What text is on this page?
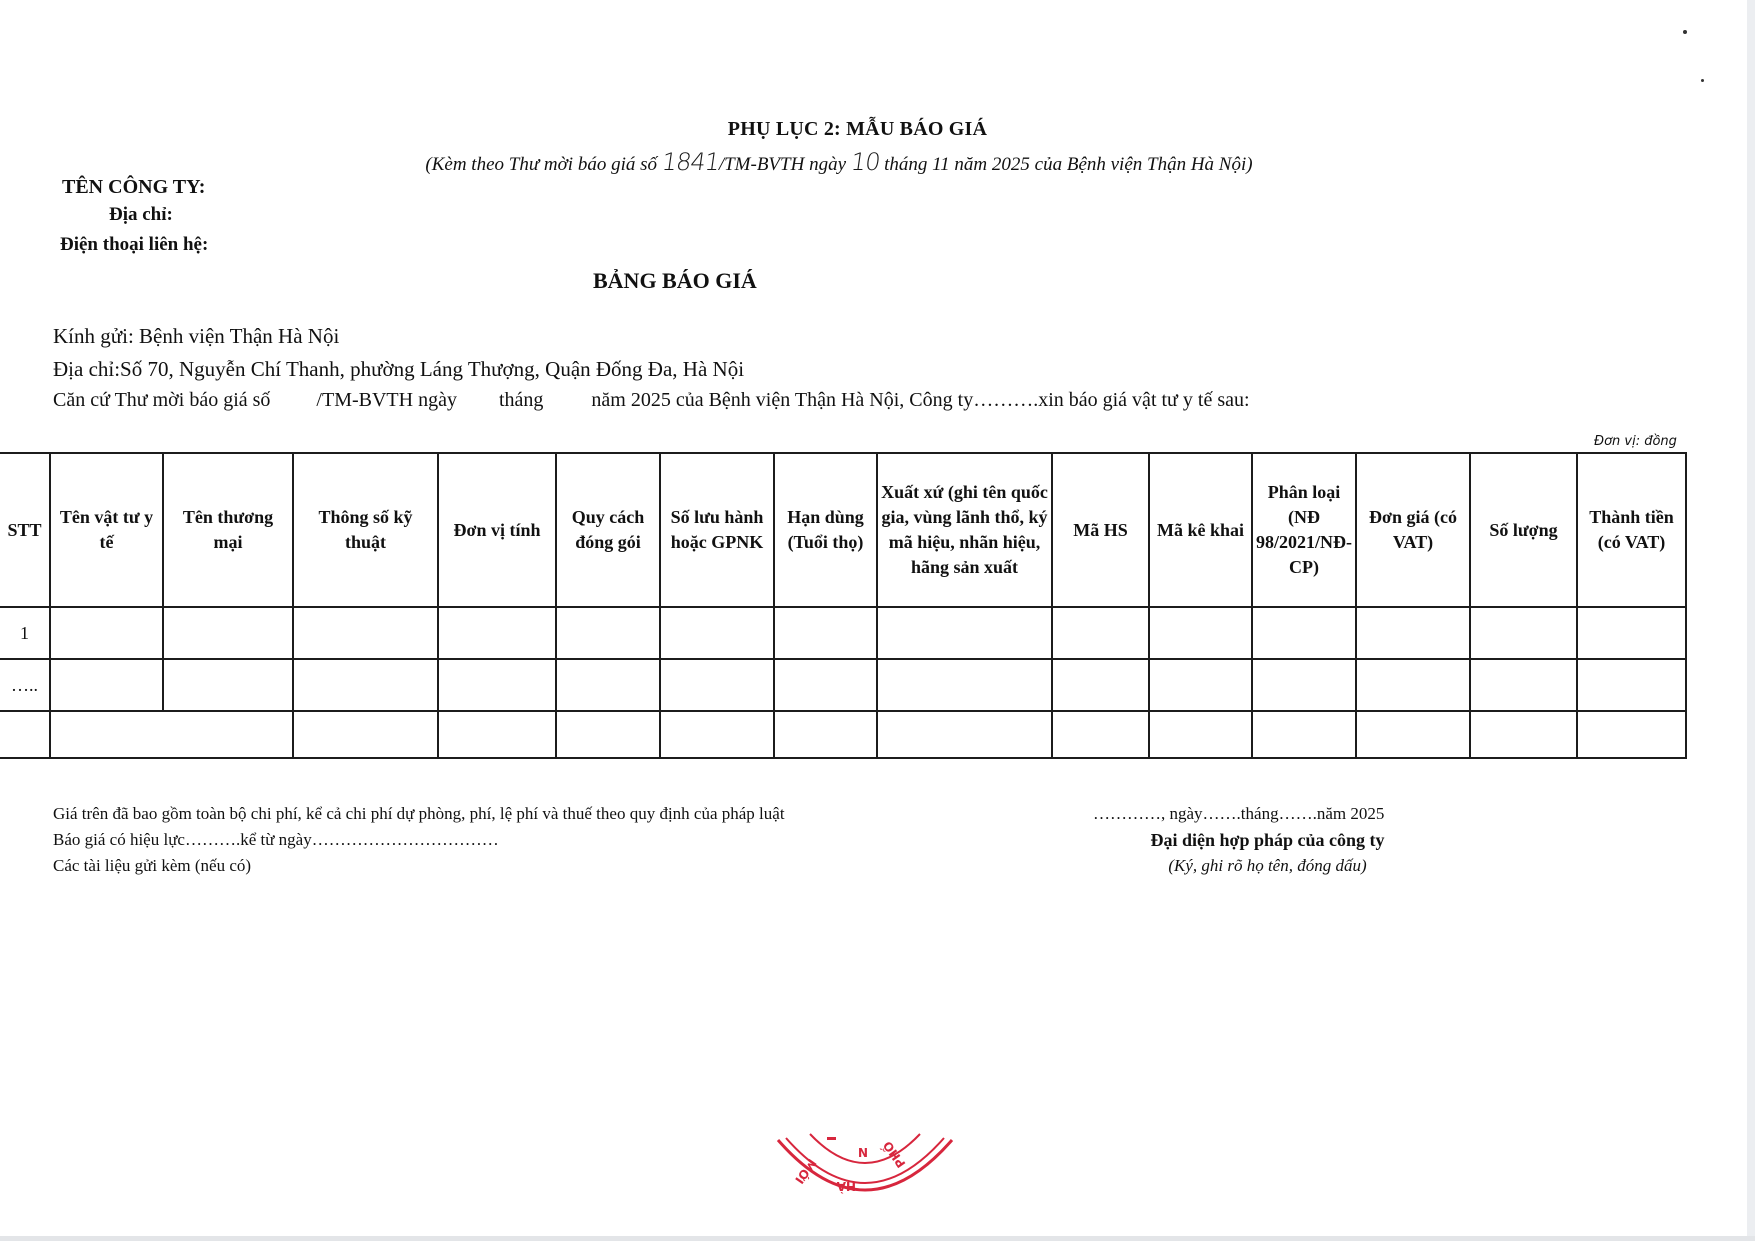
PHỤ LỤC 2: MẪU BÁO GIÁ
(Kèm theo Thư mời báo giá số 1841/TM-BVTH ngày 10 tháng 11 năm 2025 của Bệnh viện Thận Hà Nội)
TÊN CÔNG TY:
Địa chỉ:
Điện thoại liên hệ:
BẢNG BÁO GIÁ
Kính gửi: Bệnh viện Thận Hà Nội
Địa chỉ:Số 70, Nguyễn Chí Thanh, phường Láng Thượng, Quận Đống Đa, Hà Nội
Căn cứ Thư mời báo giá số /TM-BVTH ngày tháng năm 2025 của Bệnh viện Thận Hà Nội, Công ty……….xin báo giá vật tư y tế sau:
Đơn vị: đồng
STT	Tên vật tư y tế	Tên thương mại	Thông số kỹ thuật	Đơn vị tính	Quy cách đóng gói	Số lưu hành hoặc GPNK	Hạn dùng (Tuổi thọ)	Xuất xứ (ghi tên quốc gia, vùng lãnh thổ, ký mã hiệu, nhãn hiệu, hãng sản xuất	Mã HS	Mã kê khai	Phân loại (NĐ 98/2021/NĐ-CP)	Đơn giá (có VAT)	Số lượng	Thành tiền (có VAT)
1														
…..														

Giá trên đã bao gồm toàn bộ chi phí, kể cả chi phí dự phòng, phí, lệ phí và thuế theo quy định của pháp luật
Báo giá có hiệu lực……….kể từ ngày……………………………
Các tài liệu gửi kèm (nếu có)
…………, ngày…….tháng…….năm 2025
Đại diện hợp pháp của công ty
(Ký, ghi rõ họ tên, đóng dấu)
MỚI HÀ
PHỐ
N
